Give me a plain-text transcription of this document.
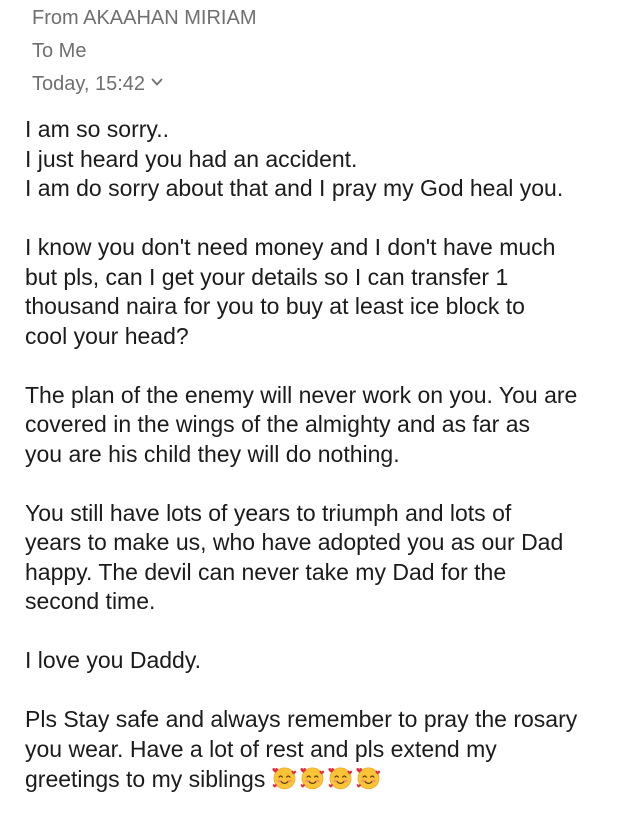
From AKAAHAN MIRIAM
To Me
Today, 15:42
I am so sorry..
I just heard you had an accident.
I am do sorry about that and I pray my God heal you.
I know you don't need money and I don't have much
but pls, can I get your details so I can transfer 1
thousand naira for you to buy at least ice block to
cool your head?
The plan of the enemy will never work on you. You are
covered in the wings of the almighty and as far as
you are his child they will do nothing.
You still have lots of years to triumph and lots of
years to make us, who have adopted you as our Dad
happy. The devil can never take my Dad for the
second time.
I love you Daddy.
Pls Stay safe and always remember to pray the rosary
you wear. Have a lot of rest and pls extend my
greetings to my siblings
